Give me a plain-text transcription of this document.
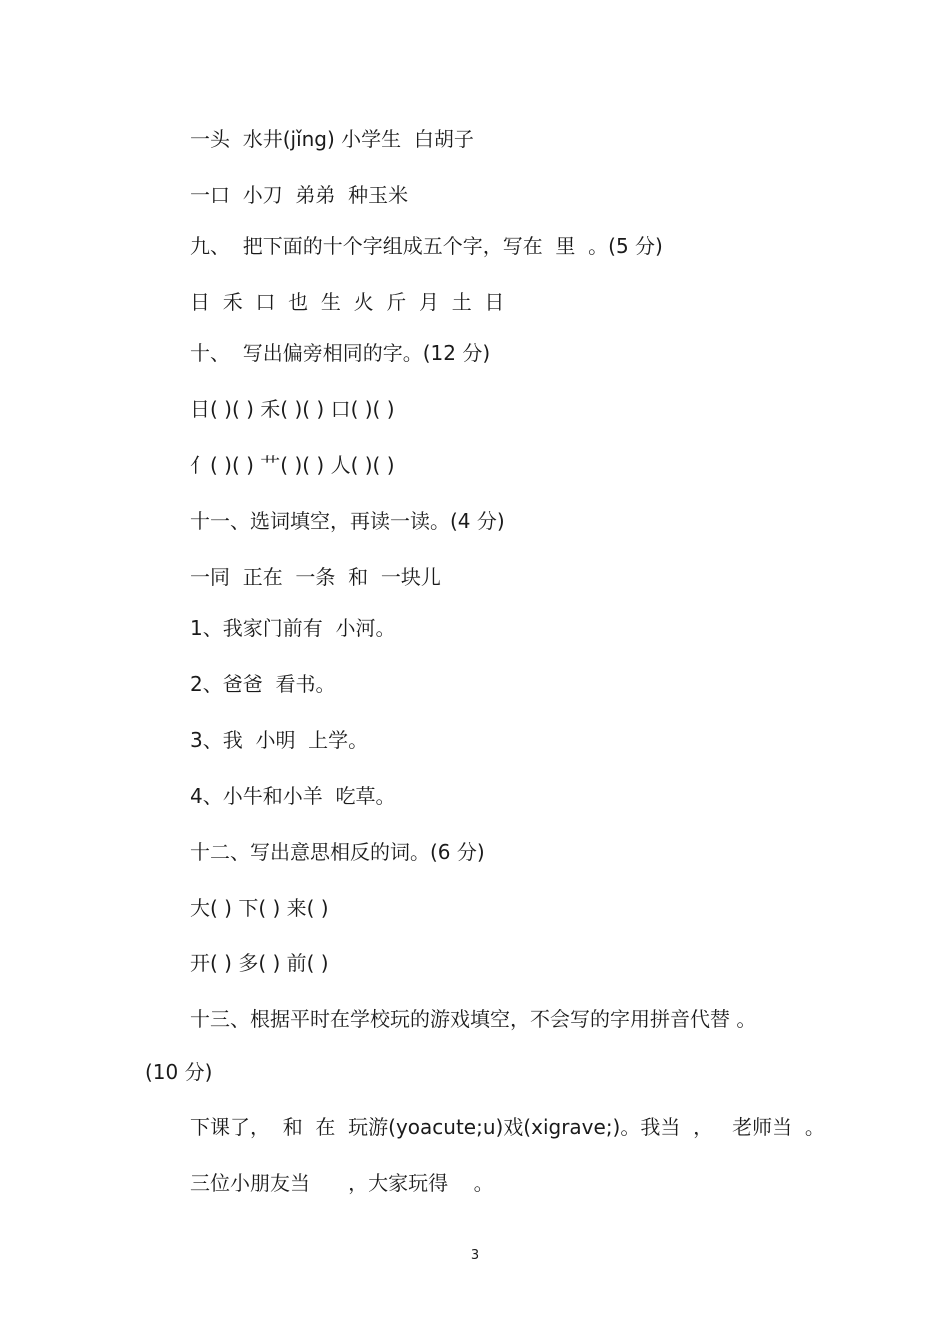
一头  水井(jǐng) 小学生  白胡子
一口  小刀  弟弟  种玉米
九、  把下面的十个字组成五个字，写在  里  。(5 分)
日  禾  口  也  生  火  斤  月  土  日
十、  写出偏旁相同的字。(12 分)
日( )( ) 禾( )( ) 口( )( )
亻( )( ) 艹( )( ) 人( )( )
十一、选词填空，再读一读。(4 分)
一同  正在  一条  和  一块儿
1、我家门前有  小河。
2、爸爸  看书。
3、我  小明  上学。
4、小牛和小羊  吃草。
十二、写出意思相反的词。(6 分)
大( ) 下( ) 来( )
开( ) 多( ) 前( )
十三、根据平时在学校玩的游戏填空，不会写的字用拼音代替 。
(10 分)
下课了，  和  在  玩游(yoacute;u)戏(xigrave;)。我当  ，   老师当  。
三位小朋友当      ，大家玩得    。
3
